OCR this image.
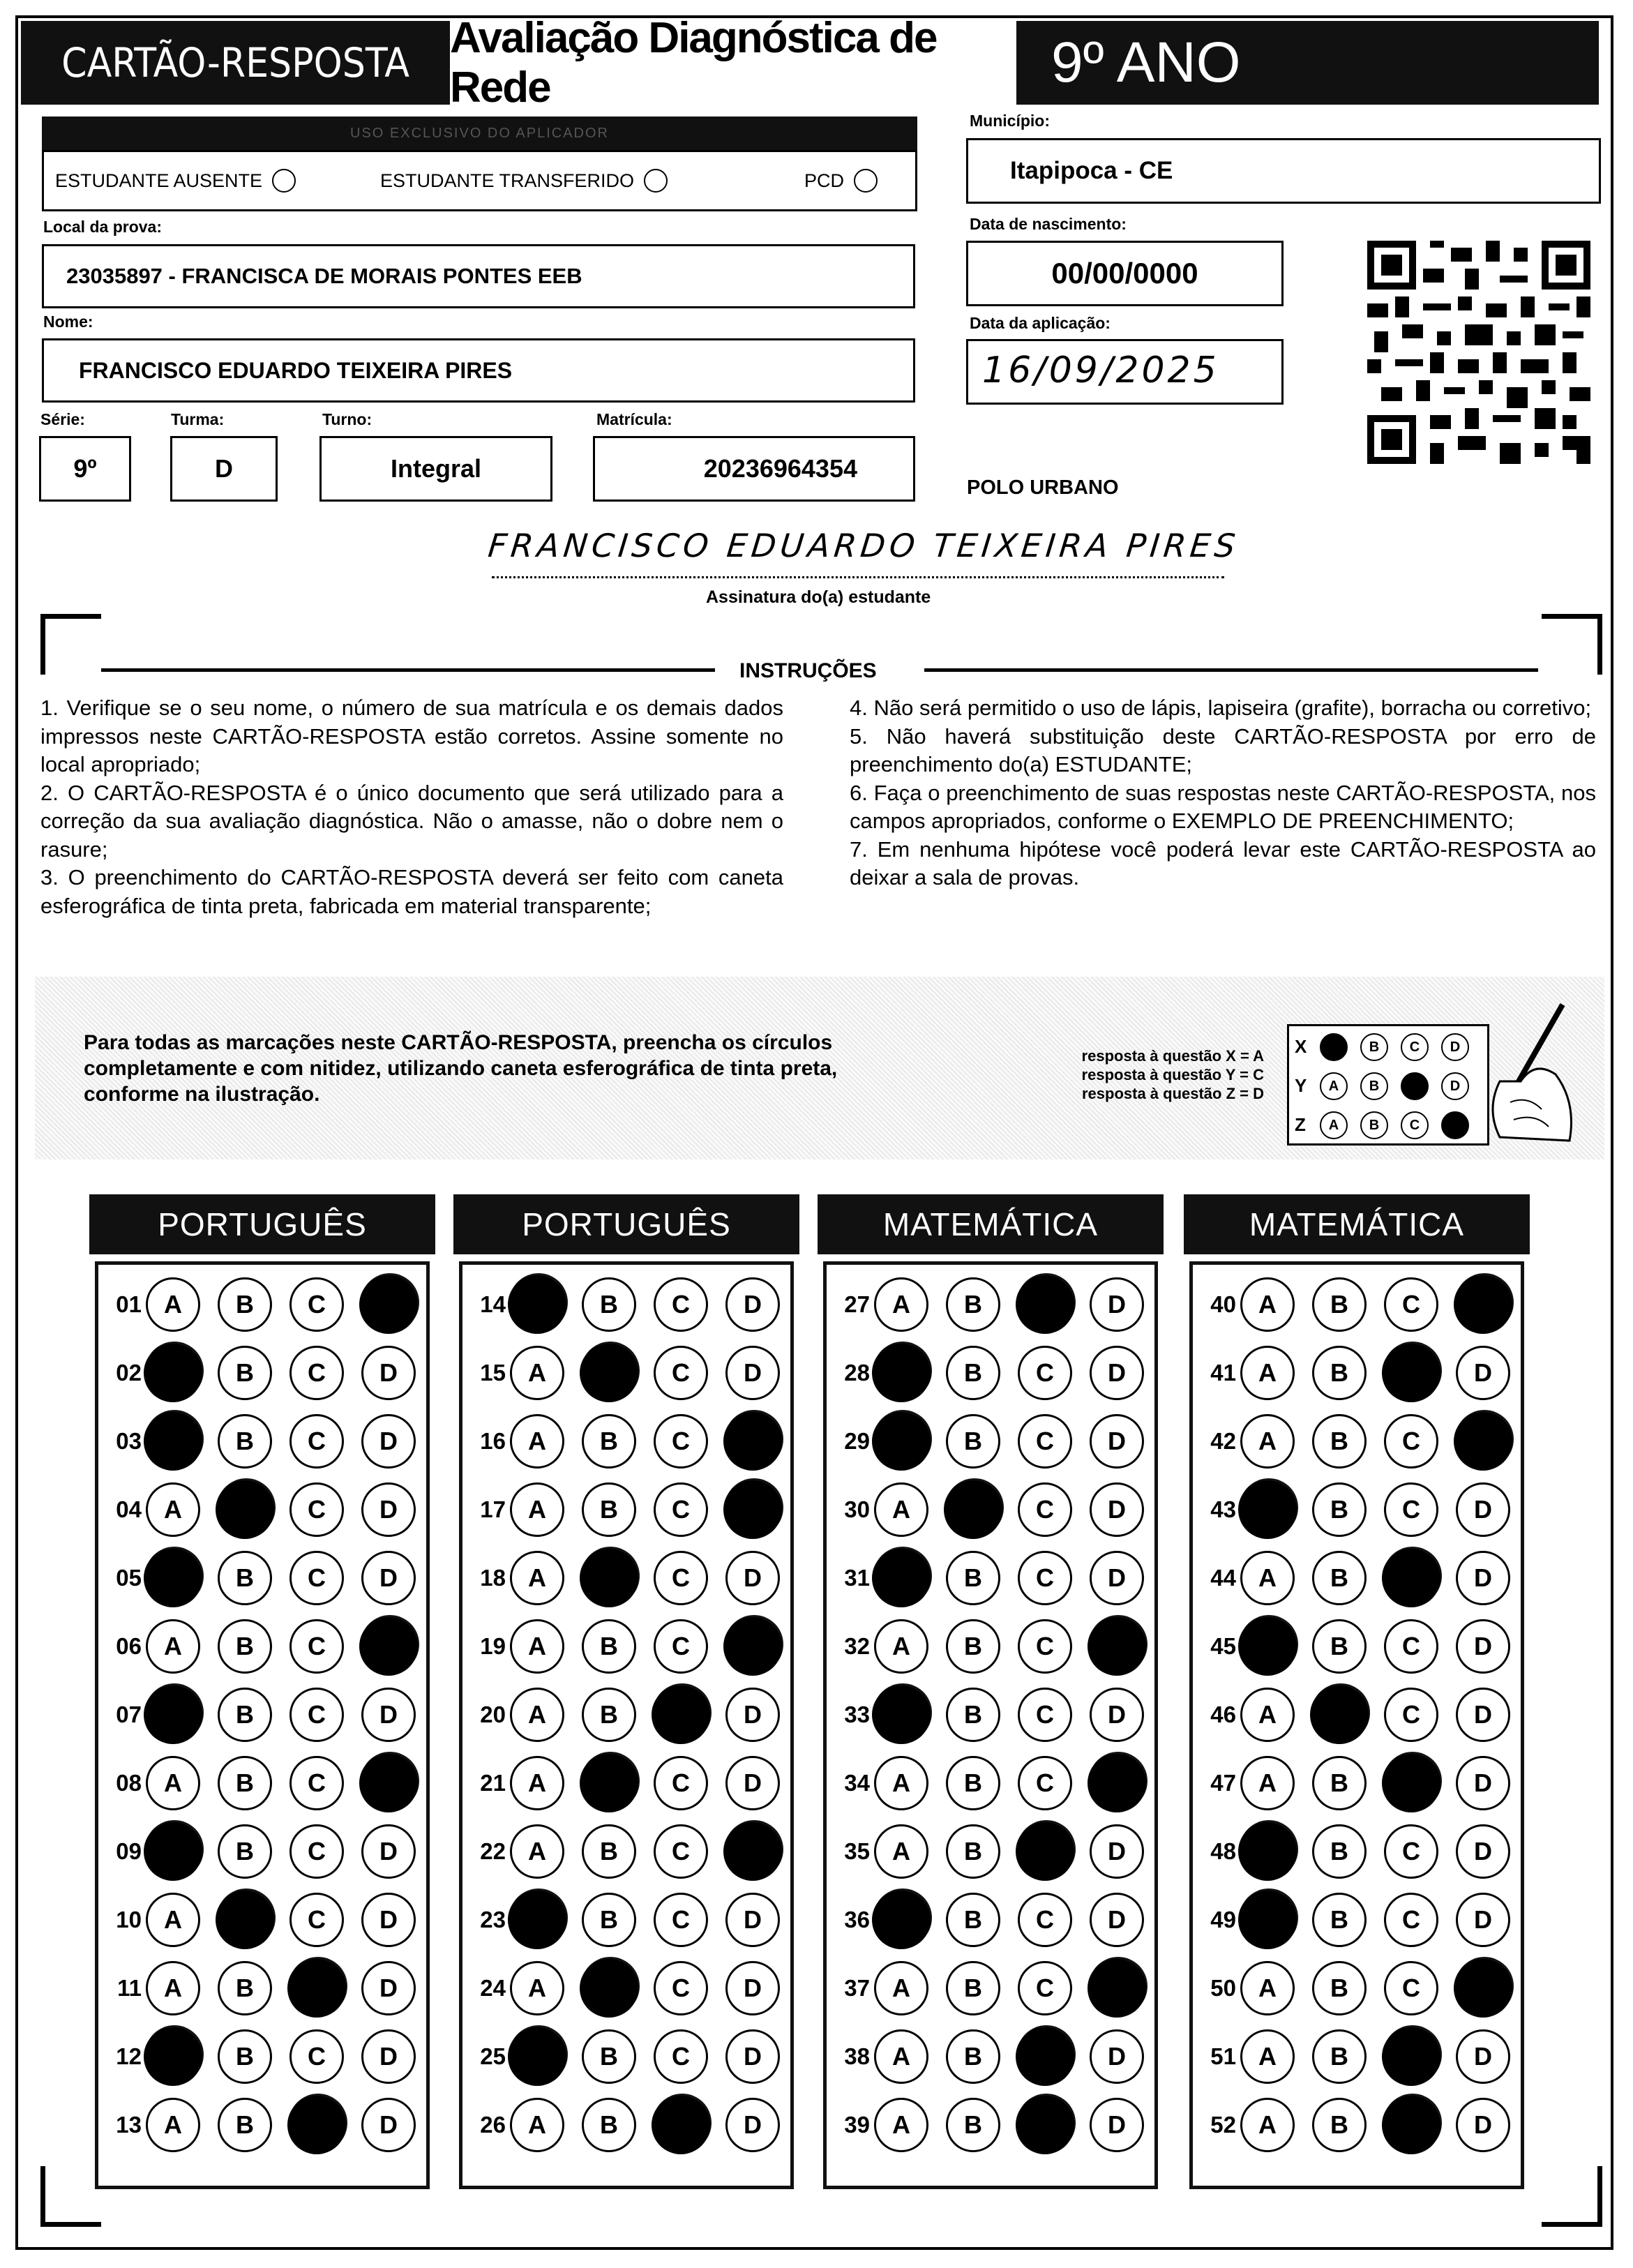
CARTÃO-RESPOSTA
Avaliação Diagnóstica de Rede	9º ANO
USO EXCLUSIVO DO APLICADOR
ESTUDANTE AUSENTE	ESTUDANTE TRANSFERIDO	PCD
Município:
Itapipoca - CE
Local da prova:
23035897 - FRANCISCA DE MORAIS PONTES EEB
Data de nascimento:
00/00/0000
Nome:
FRANCISCO EDUARDO TEIXEIRA PIRES
Data da aplicação:
16/09/2025
Série:
9º
Turma:
D
Turno:
Integral
Matrícula:
20236964354
POLO URBANO
FRANCISCO EDUARDO TEIXEIRA PIRES
Assinatura do(a) estudante
INSTRUÇÕES

1. Verifique se o seu nome, o número de sua matrícula e os demais dados impressos neste CARTÃO-RESPOSTA estão corretos. Assine somente no local apropriado;

2. O CARTÃO-RESPOSTA é o único documento que será utilizado para a correção da sua avaliação diagnóstica. Não o amasse, não o dobre nem o rasure;

3. O preenchimento do CARTÃO-RESPOSTA deverá ser feito com caneta esferográfica de tinta preta, fabricada em material transparente;

4. Não será permitido o uso de lápis, lapiseira (grafite), borracha ou corretivo;

5. Não haverá substituição deste CARTÃO-RESPOSTA por erro de preenchimento do(a) ESTUDANTE;

6. Faça o preenchimento de suas respostas neste CARTÃO-RESPOSTA, nos campos apropriados, conforme o EXEMPLO DE PREENCHIMENTO;

7. Em nenhuma hipótese você poderá levar este CARTÃO-RESPOSTA ao deixar a sala de provas.

Para todas as marcações neste CARTÃO-RESPOSTA, preencha os círculos completamente e com nitidez, utilizando caneta esferográfica de tinta preta, conforme na ilustração.
resposta à questão X = A
resposta à questão Y = C
resposta à questão Z = D
X	A	B	C	D
Y	A	B	C	D
Z	A	B	C	D
PORTUGUÊS
01 A	B	C	D
02 A	B	C	D
03 A	B	C	D
04 A	B	C	D
05 A	B	C	D
06 A	B	C	D
07 A	B	C	D
08 A	B	C	D
09 A	B	C	D
10 A	B	C	D
11 A	B	C	D
12 A	B	C	D
13 A	B	C	D
PORTUGUÊS
14 A	B	C	D
15 A	B	C	D
16 A	B	C	D
17 A	B	C	D
18 A	B	C	D
19 A	B	C	D
20 A	B	C	D
21 A	B	C	D
22 A	B	C	D
23 A	B	C	D
24 A	B	C	D
25 A	B	C	D
26 A	B	C	D
MATEMÁTICA
27 A	B	C	D
28 A	B	C	D
29 A	B	C	D
30 A	B	C	D
31 A	B	C	D
32 A	B	C	D
33 A	B	C	D
34 A	B	C	D
35 A	B	C	D
36 A	B	C	D
37 A	B	C	D
38 A	B	C	D
39 A	B	C	D
MATEMÁTICA
40 A	B	C	D
41 A	B	C	D
42 A	B	C	D
43 A	B	C	D
44 A	B	C	D
45 A	B	C	D
46 A	B	C	D
47 A	B	C	D
48 A	B	C	D
49 A	B	C	D
50 A	B	C	D
51 A	B	C	D
52 A	B	C	D
